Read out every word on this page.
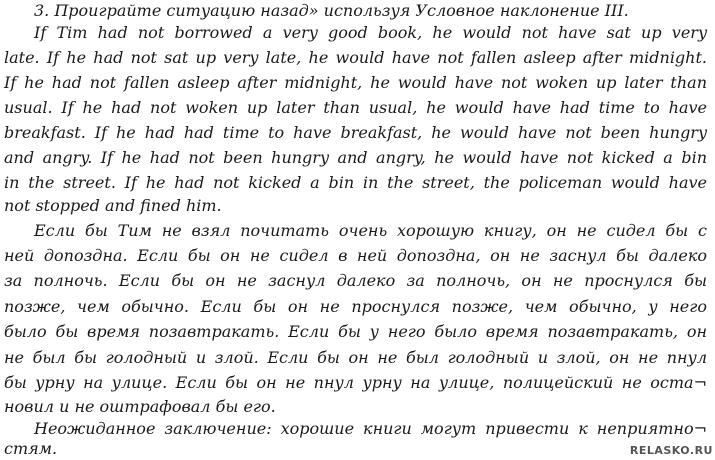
3. Проиграйте ситуацию назад» используя Условное наклонение III.
If Tim had not borrowed a very good book, he would not have sat up very
late. If he had not sat up very late, he would have not fallen asleep after midnight.
If he had not fallen asleep after midnight, he would have not woken up later than
usual. If he had not woken up later than usual, he would have had time to have
breakfast. If he had had time to have breakfast, he would have not been hungry
and angry. If he had not been hungry and angry, he would have not kicked a bin
in the street. If he had not kicked a bin in the street, the policeman would have
not stopped and fined him.
Если бы Тим не взял почитать очень хорошую книгу, он не сидел бы с
ней допоздна. Если бы он не сидел в ней допоздна, он не заснул бы далеко
за полночь. Если бы он не заснул далеко за полночь, он не проснулся бы
позже, чем обычно. Если бы он не проснулся позже, чем обычно, у него
было бы время позавтракать. Если бы у него было время позавтракать, он
не был бы голодный и злой. Если бы он не был голодный и злой, он не пнул
бы урну на улице. Если бы он не пнул урну на улице, полицейский не оста¬
новил и не оштрафовал бы его.
Неожиданное заключение: хорошие книги могут привести к неприятно¬
стям.	RELASKO.RU
